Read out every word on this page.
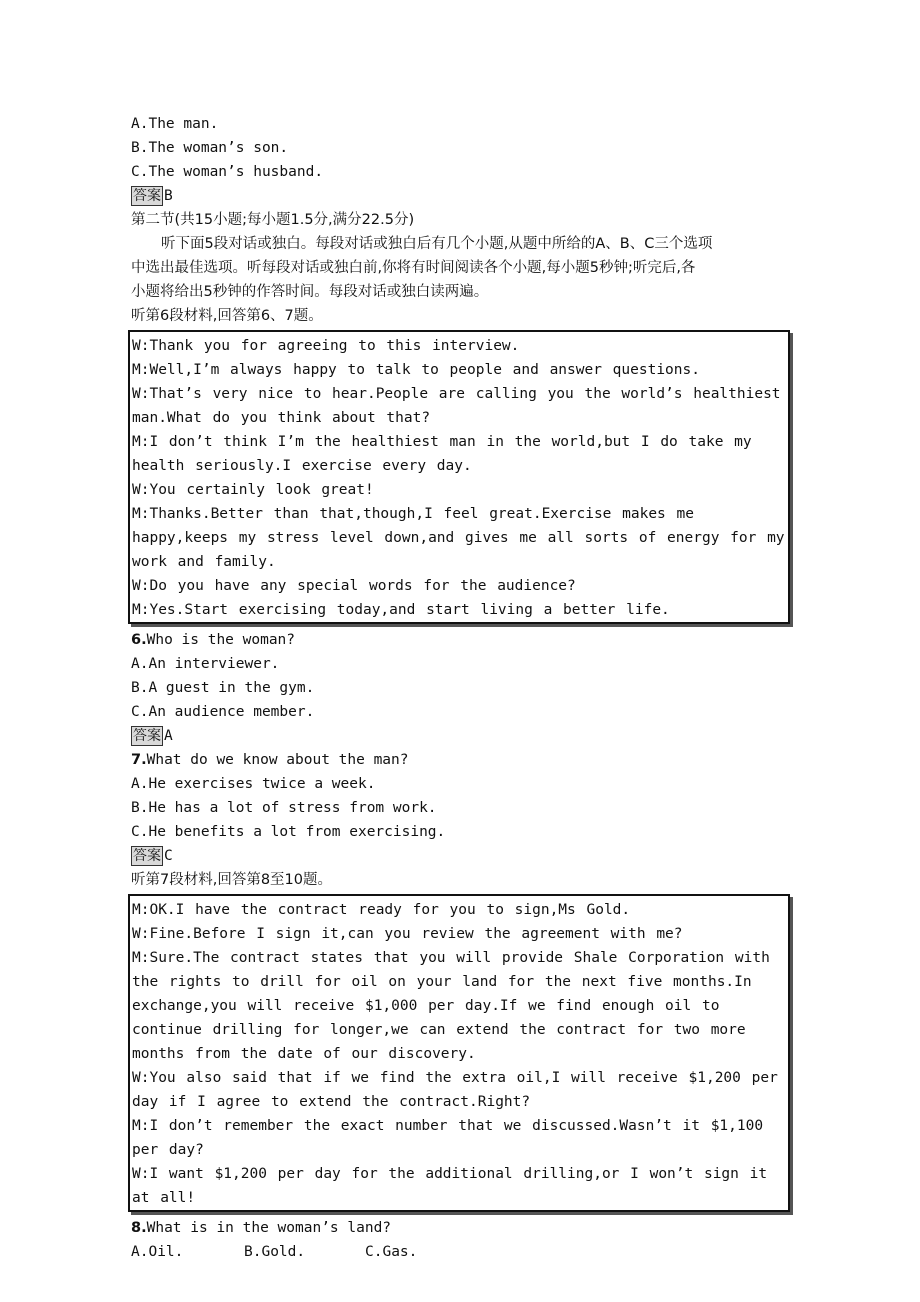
A.The man.
B.The woman’s son.
C.The woman’s husband.
答案 B
第二节(共15小题;每小题1.5分,满分22.5分)
听下面5段对话或独白。每段对话或独白后有几个小题,从题中所给的A、B、C三个选项
中选出最佳选项。听每段对话或独白前,你将有时间阅读各个小题,每小题5秒钟;听完后,各
小题将给出5秒钟的作答时间。每段对话或独白读两遍。
听第6段材料,回答第6、7题。
W:Thank you for agreeing to this interview.
M:Well,I’m always happy to talk to people and answer questions.
W:That’s very nice to hear.People are calling you the world’s healthiest man.What do you think about that?
M:I don’t think I’m the healthiest man in the world,but I do take my health seriously.I exercise every day.
W:You certainly look great!
M:Thanks.Better than that,though,I feel great.Exercise makes me happy,keeps my stress level down,and gives me all sorts of energy for my work and family.
W:Do you have any special words for the audience?
M:Yes.Start exercising today,and start living a better life.
6.Who is the woman?
A.An interviewer.
B.A guest in the gym.
C.An audience member.
答案 A
7.What do we know about the man?
A.He exercises twice a week.
B.He has a lot of stress from work.
C.He benefits a lot from exercising.
答案 C
听第7段材料,回答第8至10题。
M:OK.I have the contract ready for you to sign,Ms Gold.
W:Fine.Before I sign it,can you review the agreement with me?
M:Sure.The contract states that you will provide Shale Corporation with the rights to drill for oil on your land for the next five months.In exchange,you will receive $1,000 per day.If we find enough oil to continue drilling for longer,we can extend the contract for two more months from the date of our discovery.
W:You also said that if we find the extra oil,I will receive $1,200 per day if I agree to extend the contract.Right?
M:I don’t remember the exact number that we discussed.Wasn’t it $1,100 per day?
W:I want $1,200 per day for the additional drilling,or I won’t sign it at all!
8.What is in the woman’s land?
A.Oil.	B.Gold.	C.Gas.
